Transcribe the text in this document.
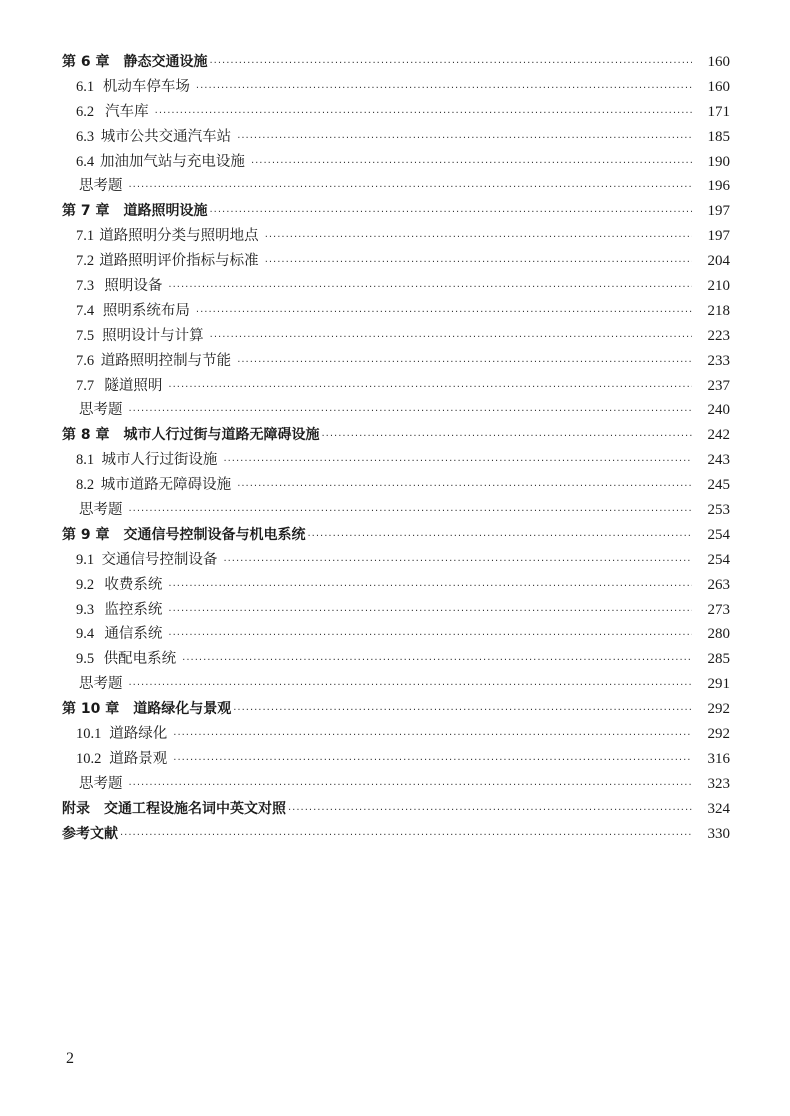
第 6 章 静态交通设施 ·····	160
6.1 机动车停车场 ·····	160
6.2 汽车库 ·····	171
6.3 城市公共交通汽车站 ·····	185
6.4 加油加气站与充电设施 ·····	190
思考题 ·····	196
第 7 章 道路照明设施 ·····	197
7.1 道路照明分类与照明地点 ·····	197
7.2 道路照明评价指标与标准 ·····	204
7.3 照明设备 ·····	210
7.4 照明系统布局 ·····	218
7.5 照明设计与计算 ·····	223
7.6 道路照明控制与节能 ·····	233
7.7 隧道照明 ·····	237
思考题 ·····	240
第 8 章 城市人行过街与道路无障碍设施 ·····	242
8.1 城市人行过街设施 ·····	243
8.2 城市道路无障碍设施 ·····	245
思考题 ·····	253
第 9 章 交通信号控制设备与机电系统 ·····	254
9.1 交通信号控制设备 ·····	254
9.2 收费系统 ·····	263
9.3 监控系统 ·····	273
9.4 通信系统 ·····	280
9.5 供配电系统 ·····	285
思考题 ·····	291
第 10 章 道路绿化与景观 ·····	292
10.1 道路绿化 ·····	292
10.2 道路景观 ·····	316
思考题 ·····	323
附录 交通工程设施名词中英文对照 ·····	324
参考文献 ·····	330
2
